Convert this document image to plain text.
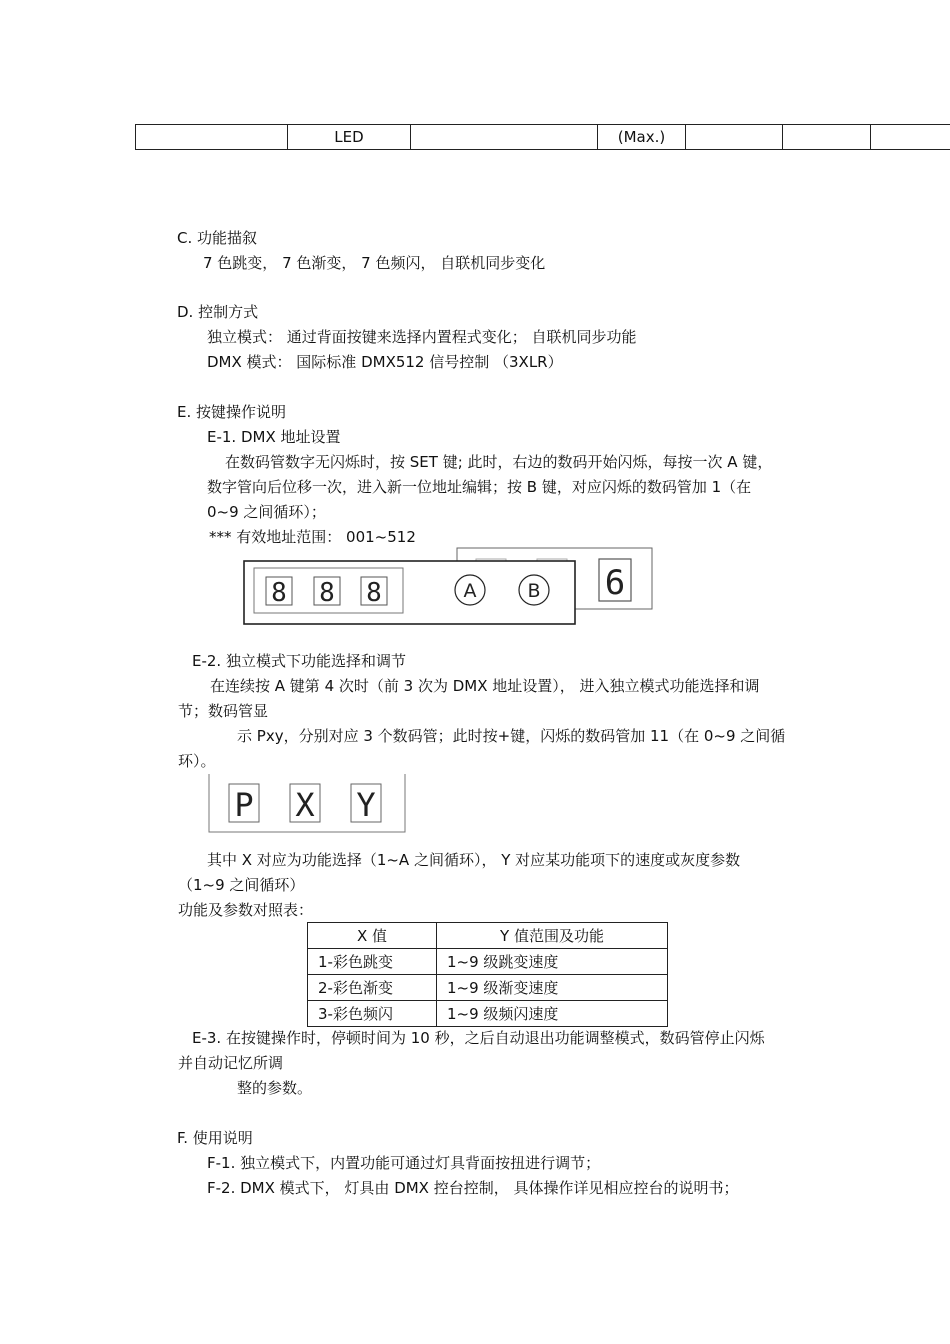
	LED		(Max.)			
C. 功能描叙
7 色跳变， 7 色渐变， 7 色频闪， 自联机同步变化
D. 控制方式
独立模式： 通过背面按键来选择内置程式变化； 自联机同步功能
DMX 模式： 国际标准 DMX512 信号控制 （3XLR）
E. 按键操作说明
E-1. DMX 地址设置
在数码管数字无闪烁时，按 SET 键; 此时，右边的数码开始闪烁，每按一次 A 键，
数字管向后位移一次，进入新一位地址编辑；按 B 键，对应闪烁的数码管加 1（在
0~9 之间循环）；
*** 有效地址范围： 001~512
6
8 8 8	A	B
E-2. 独立模式下功能选择和调节
在连续按 A 键第 4 次时（前 3 次为 DMX 地址设置）， 进入独立模式功能选择和调
节；数码管显
示 Pxy，分别对应 3 个数码管；此时按+键，闪烁的数码管加 11（在 0~9 之间循
环）。
P X Y
其中 X 对应为功能选择（1~A 之间循环）， Y 对应某功能项下的速度或灰度参数
（1~9 之间循环）
功能及参数对照表：
X 值	Y 值范围及功能
1-彩色跳变	1~9 级跳变速度
2-彩色渐变	1~9 级渐变速度
3-彩色频闪	1~9 级频闪速度
E-3. 在按键操作时，停顿时间为 10 秒，之后自动退出功能调整模式，数码管停止闪烁
并自动记忆所调
整的参数。
F. 使用说明
F-1. 独立模式下，内置功能可通过灯具背面按扭进行调节；
F-2. DMX 模式下， 灯具由 DMX 控台控制， 具体操作详见相应控台的说明书；
